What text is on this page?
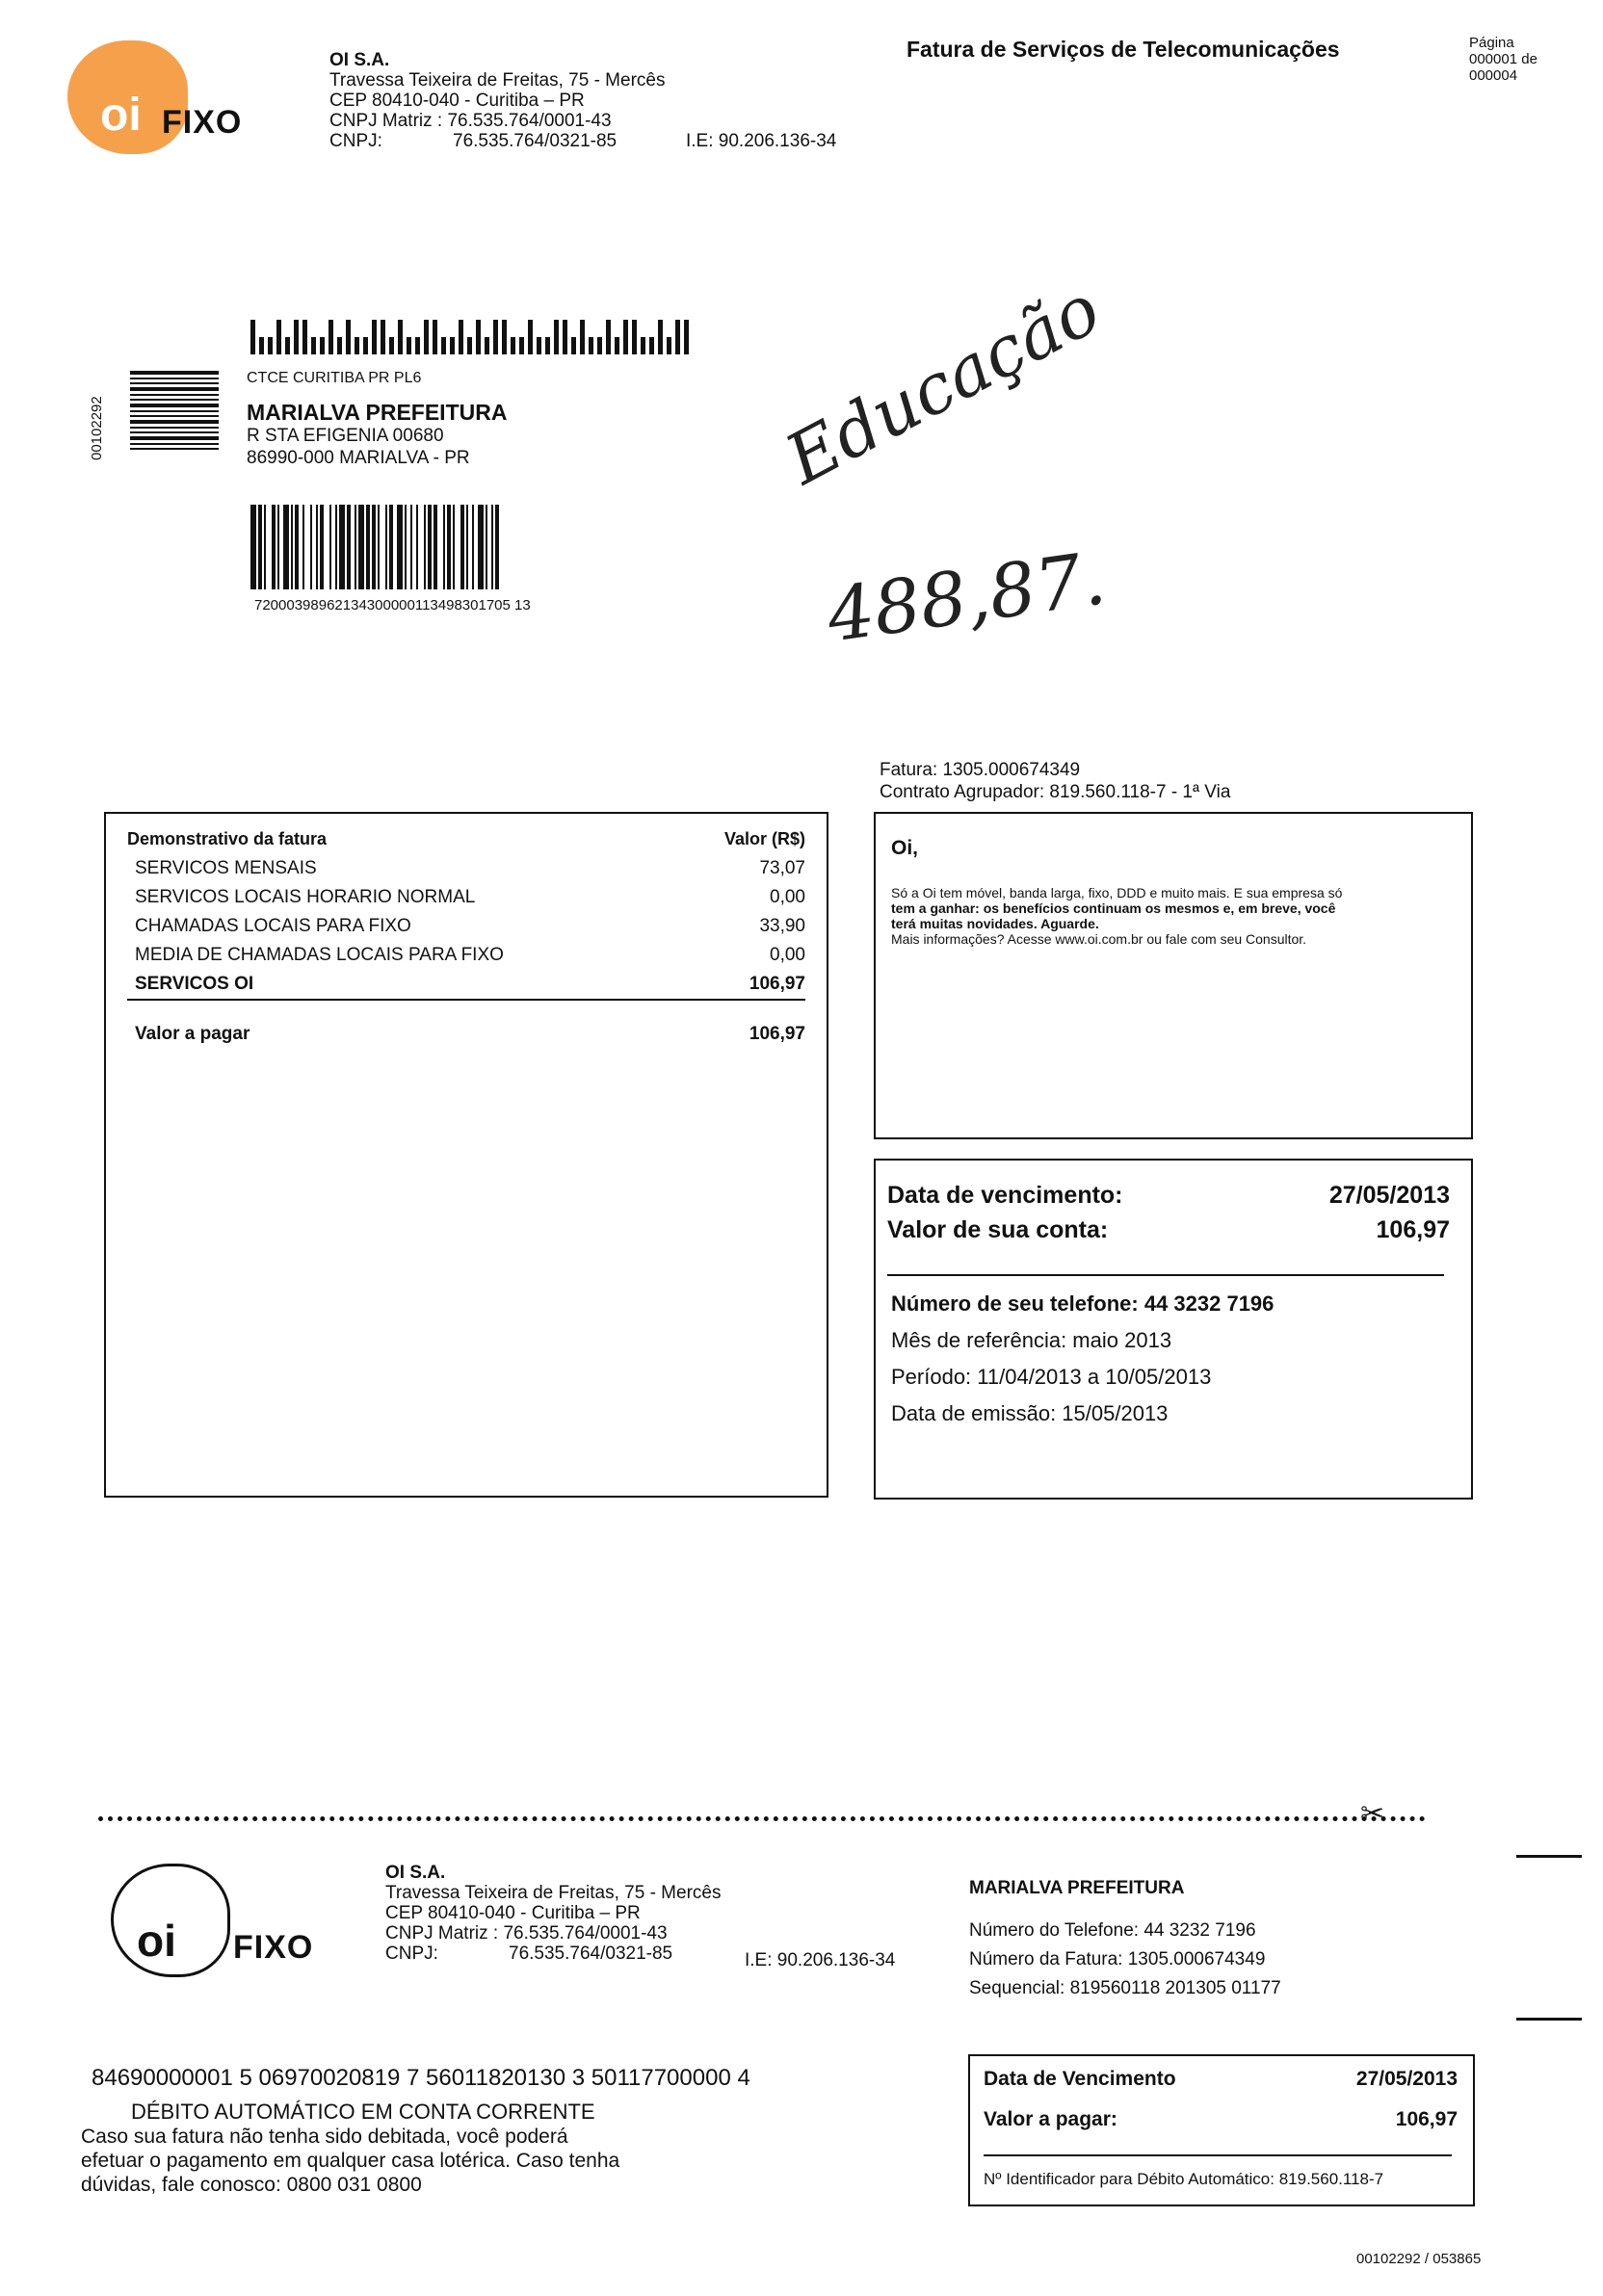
oi FIXO
OI S.A.
Travessa Teixeira de Freitas, 75 - Mercês
CEP 80410-040 - Curitiba – PR
CNPJ Matriz : 76.535.764/0001-43
CNPJ:	76.535.764/0321-85	I.E: 90.206.136-34
Fatura de Serviços de Telecomunicações	Página
000001 de
000004
00102292
CTCE CURITIBA PR PL6
MARIALVA PREFEITURA
R STA EFIGENIA 00680
86990-000 MARIALVA - PR
72000398962134300000113498301705 13
Educação
488,87.
Fatura: 1305.000674349
Contrato Agrupador: 819.560.118-7 - 1ª Via
Demonstrativo da fatura	Valor (R$)
SERVICOS MENSAIS	73,07
SERVICOS LOCAIS HORARIO NORMAL	0,00
CHAMADAS LOCAIS PARA FIXO	33,90
MEDIA DE CHAMADAS LOCAIS PARA FIXO	0,00
SERVICOS OI	106,97
Valor a pagar	106,97
Oi,
Só a Oi tem móvel, banda larga, fixo, DDD e muito mais. E sua empresa só
tem a ganhar: os benefícios continuam os mesmos e, em breve, você
terá muitas novidades. Aguarde.
Mais informações? Acesse www.oi.com.br ou fale com seu Consultor.
Data de vencimento:	27/05/2013
Valor de sua conta:	106,97
Número de seu telefone: 44 3232 7196
Mês de referência: maio 2013
Período: 11/04/2013 a 10/05/2013
Data de emissão: 15/05/2013
✂
oi FIXO
OI S.A.
Travessa Teixeira de Freitas, 75 - Mercês
CEP 80410-040 - Curitiba – PR
CNPJ Matriz : 76.535.764/0001-43
CNPJ:	76.535.764/0321-85	I.E: 90.206.136-34
MARIALVA PREFEITURA
Número do Telefone: 44 3232 7196
Número da Fatura: 1305.000674349
Sequencial: 819560118 201305 01177
84690000001 5 06970020819 7 56011820130 3 50117700000 4
DÉBITO AUTOMÁTICO EM CONTA CORRENTE
Caso sua fatura não tenha sido debitada, você poderá
efetuar o pagamento em qualquer casa lotérica. Caso tenha
dúvidas, fale conosco: 0800 031 0800
Data de Vencimento	27/05/2013
Valor a pagar:	106,97
Nº Identificador para Débito Automático: 819.560.118-7
00102292 / 053865
